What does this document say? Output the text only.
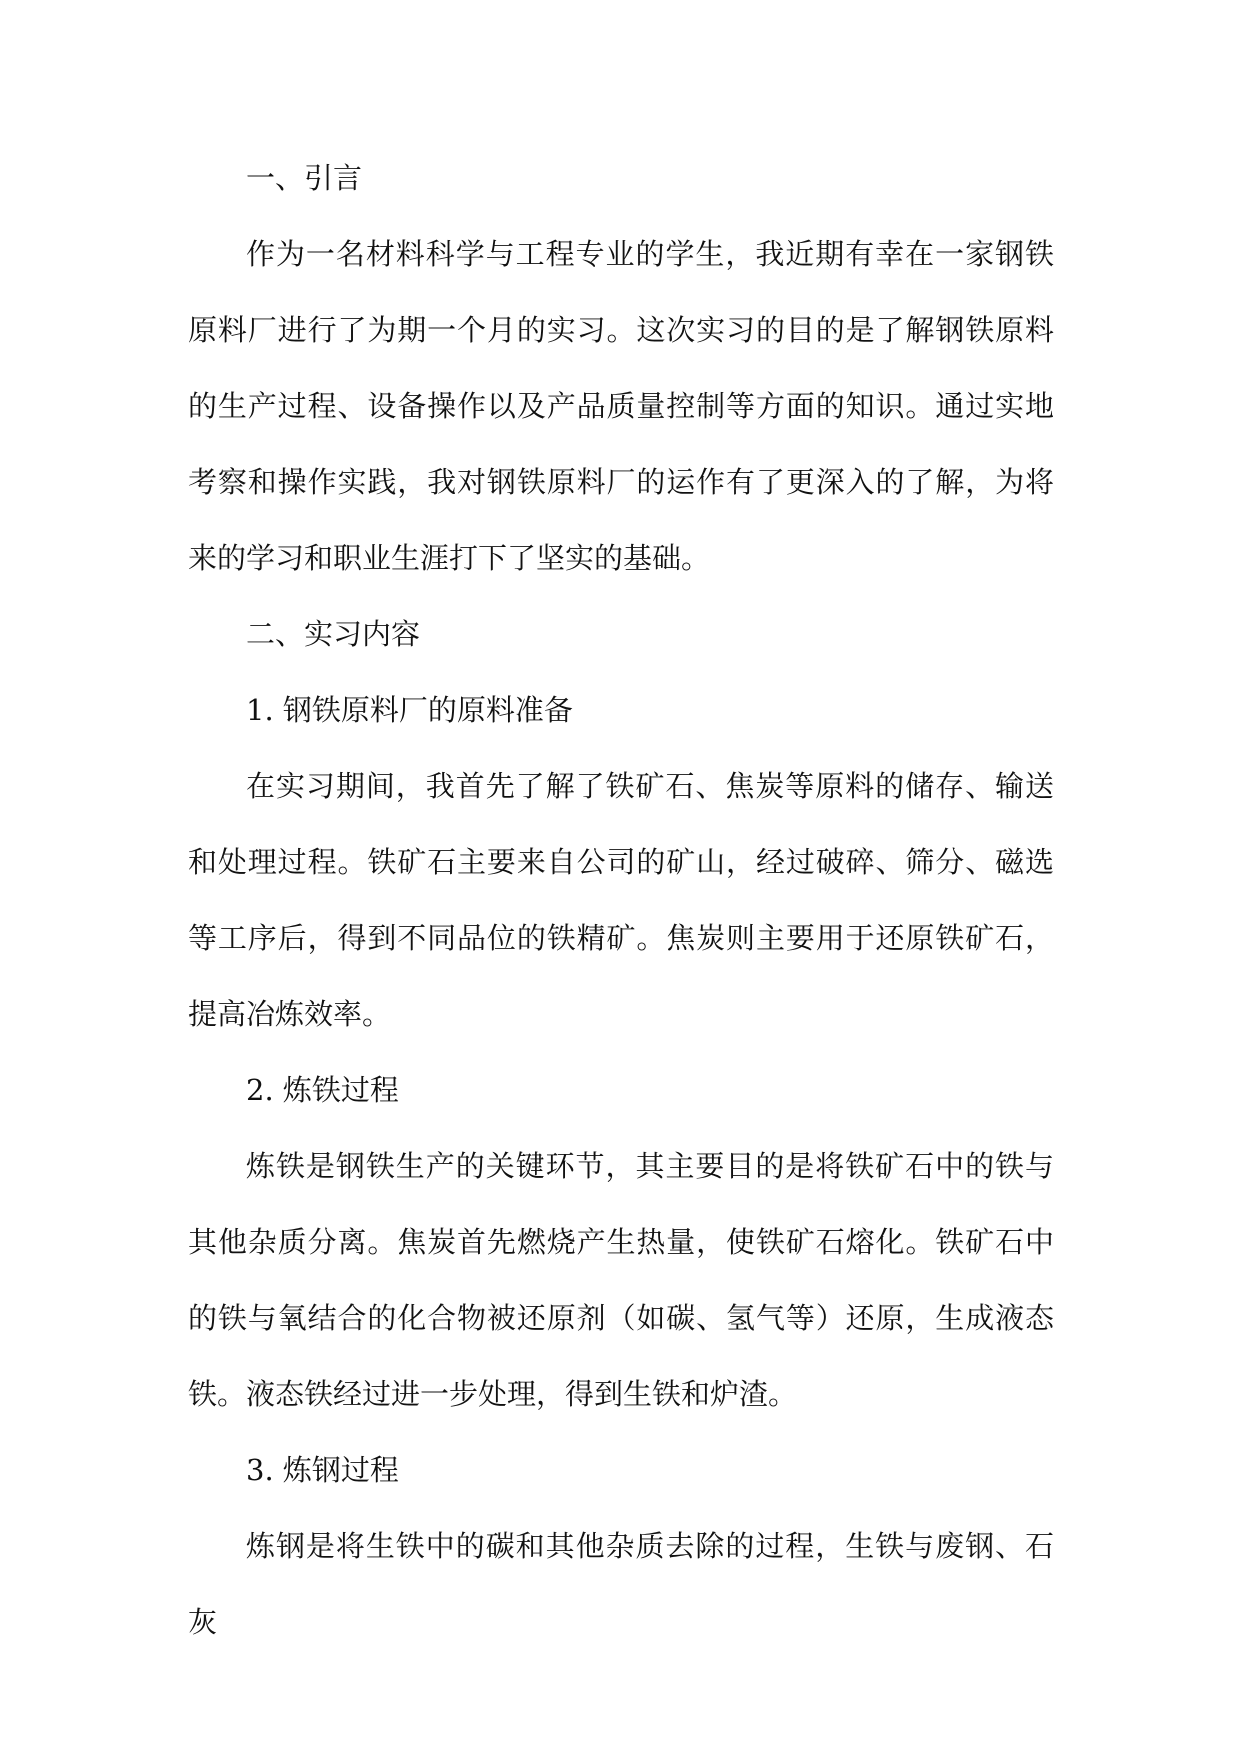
一、引言

作为一名材料科学与工程专业的学生，我近期有幸在一家钢铁原料厂进行了为期一个月的实习。这次实习的目的是了解钢铁原料的生产过程、设备操作以及产品质量控制等方面的知识。通过实地考察和操作实践，我对钢铁原料厂的运作有了更深入的了解，为将来的学习和职业生涯打下了坚实的基础。

二、实习内容

1. 钢铁原料厂的原料准备

在实习期间，我首先了解了铁矿石、焦炭等原料的储存、输送和处理过程。铁矿石主要来自公司的矿山，经过破碎、筛分、磁选等工序后，得到不同品位的铁精矿。焦炭则主要用于还原铁矿石，提高冶炼效率。

2. 炼铁过程

炼铁是钢铁生产的关键环节，其主要目的是将铁矿石中的铁与其他杂质分离。焦炭首先燃烧产生热量，使铁矿石熔化。铁矿石中的铁与氧结合的化合物被还原剂（如碳、氢气等）还原，生成液态铁。液态铁经过进一步处理，得到生铁和炉渣。

3. 炼钢过程

炼钢是将生铁中的碳和其他杂质去除的过程，生铁与废钢、石灰
